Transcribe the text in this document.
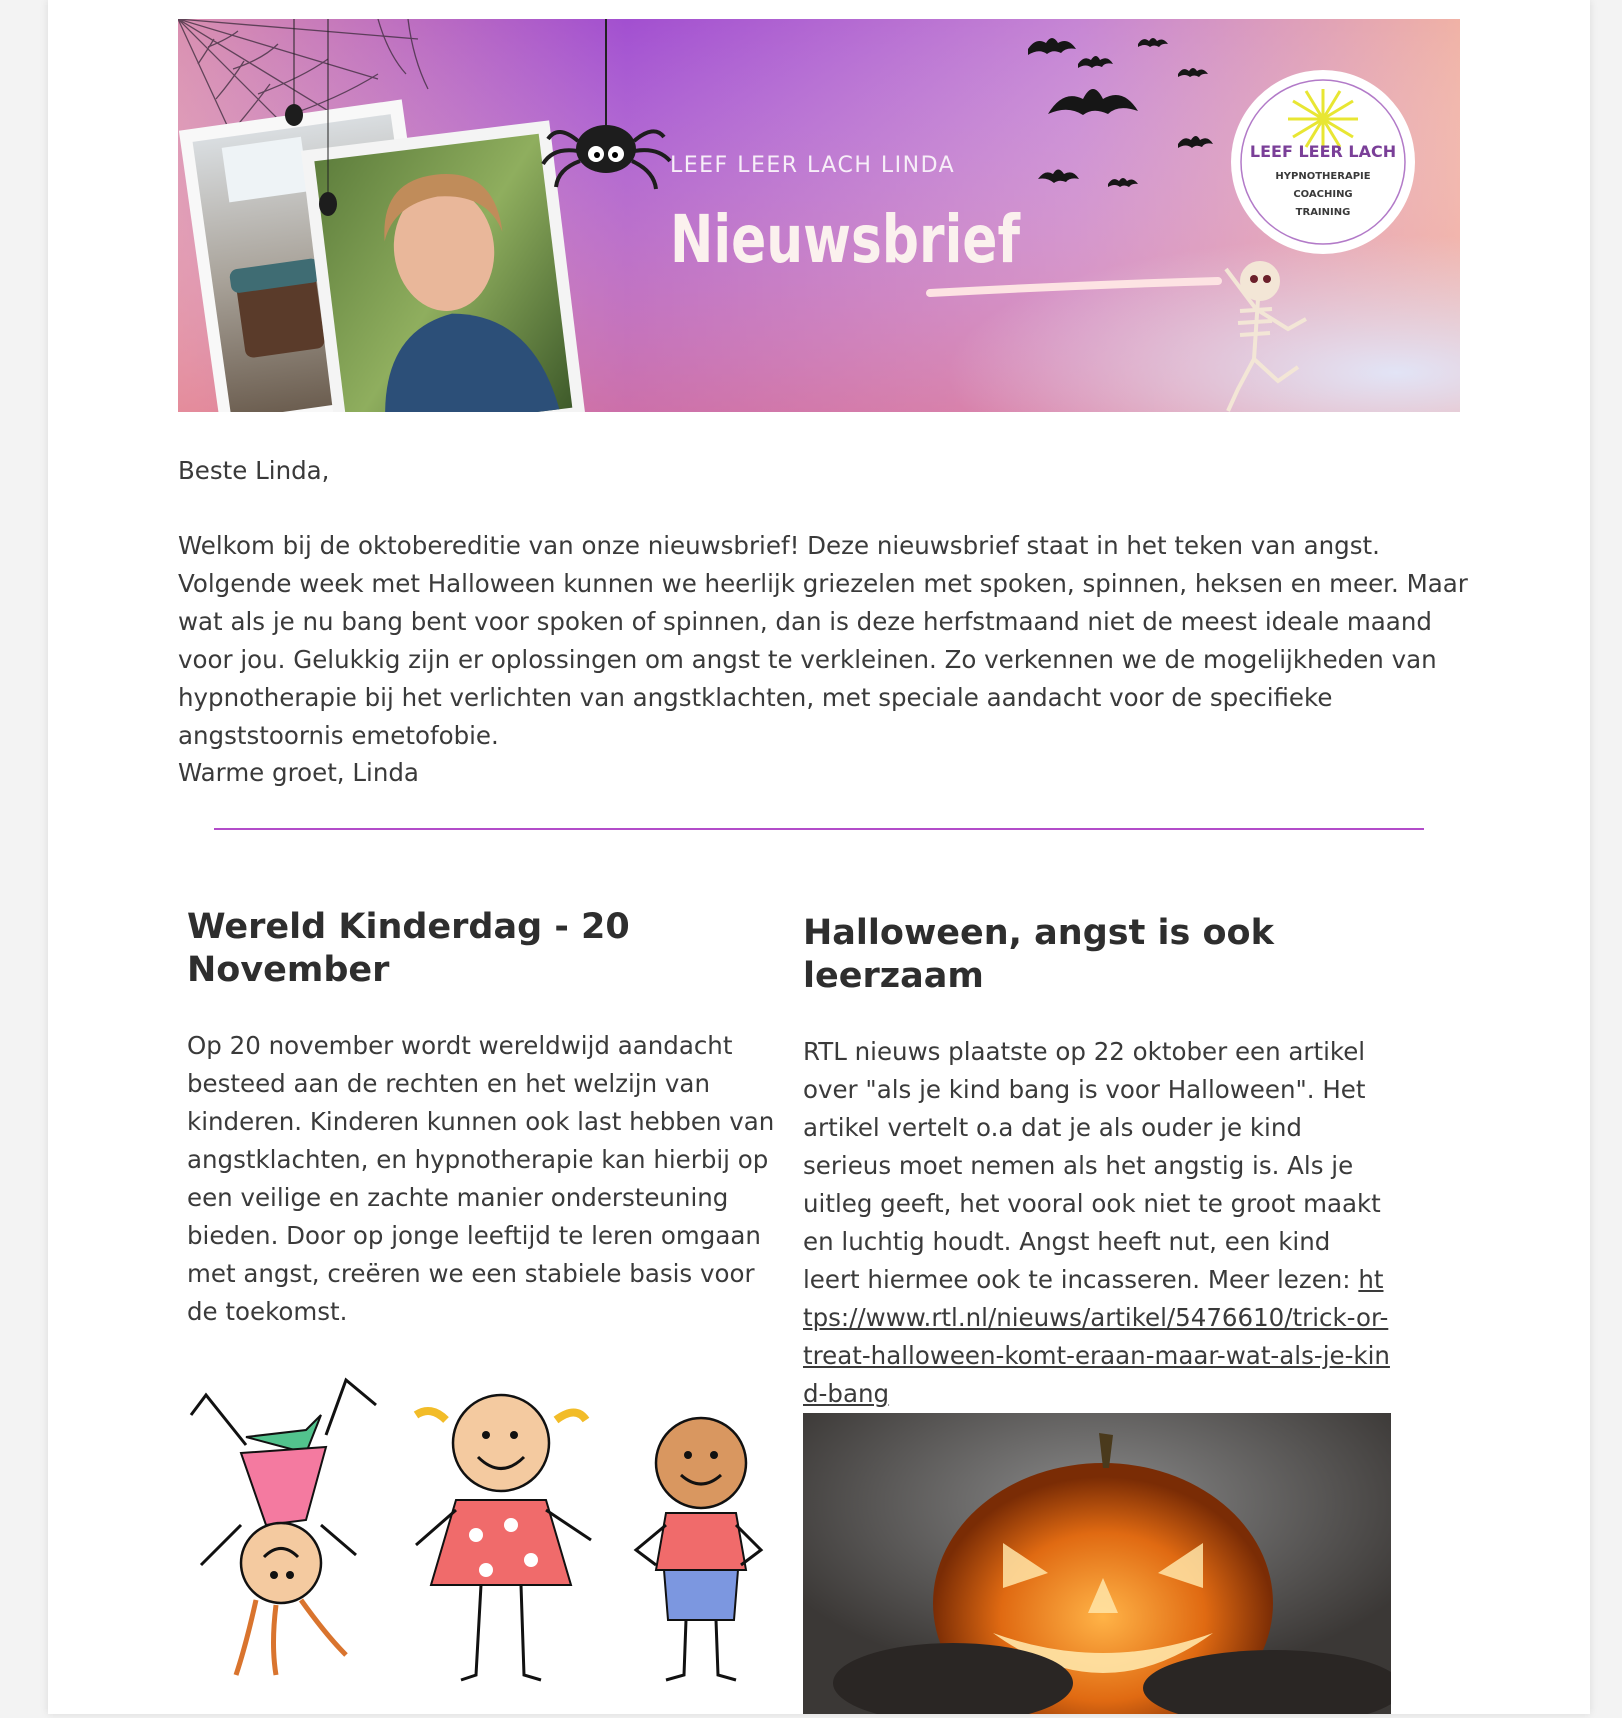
LEEF LEER LACH LINDA
Nieuwsbrief
LEEF LEER LACH
HYPNOTHERAPIE
COACHING
TRAINING

Beste Linda,

Welkom bij de oktobereditie van onze nieuwsbrief! Deze nieuwsbrief staat in het teken van angst. Volgende week met Halloween kunnen we heerlijk griezelen met spoken, spinnen, heksen en meer. Maar wat als je nu bang bent voor spoken of spinnen, dan is deze herfstmaand niet de meest ideale maand voor jou. Gelukkig zijn er oplossingen om angst te verkleinen. Zo verkennen we de mogelijkheden van hypnotherapie bij het verlichten van angstklachten, met speciale aandacht voor de specifieke angststoornis emetofobie.

Warme groet, Linda

Wereld Kinderdag - 20 November

Op 20 november wordt wereldwijd aandacht besteed aan de rechten en het welzijn van kinderen. Kinderen kunnen ook last hebben van angstklachten, en hypnotherapie kan hierbij op een veilige en zachte manier ondersteuning bieden. Door op jonge leeftijd te leren omgaan met angst, creëren we een stabiele basis voor de toekomst.

Halloween, angst is ook leerzaam

RTL nieuws plaatste op 22 oktober een artikel over "als je kind bang is voor Halloween". Het artikel vertelt o.a dat je als ouder je kind serieus moet nemen als het angstig is. Als je uitleg geeft, het vooral ook niet te groot maakt en luchtig houdt. Angst heeft nut, een kind leert hiermee ook te incasseren. Meer lezen: https://www.rtl.nl/nieuws/artikel/5476610/trick-or-treat-halloween-komt-eraan-maar-wat-als-je-kind-bang
